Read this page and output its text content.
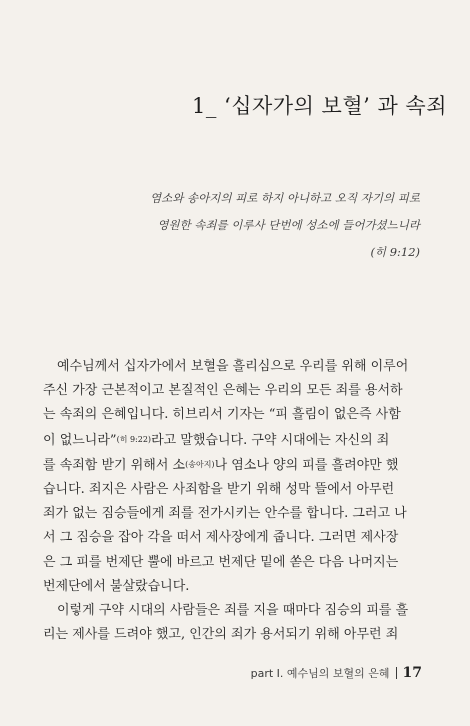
1_ ‘십자가의 보혈’ 과 속죄
염소와 송아지의 피로 하지 아니하고 오직 자기의 피로
영원한 속죄를 이루사 단번에 성소에 들어가셨느니라
(히 9:12)
예수님께서 십자가에서 보혈을 흘리심으로 우리를 위해 이루어
주신 가장 근본적이고 본질적인 은혜는 우리의 모든 죄를 용서하
는 속죄의 은혜입니다. 히브리서 기자는 “피 흘림이 없은즉 사함
이 없느니라”(히 9:22)라고 말했습니다. 구약 시대에는 자신의 죄
를 속죄함 받기 위해서 소(송아지)나 염소나 양의 피를 흘려야만 했
습니다. 죄지은 사람은 사죄함을 받기 위해 성막 뜰에서 아무런
죄가 없는 짐승들에게 죄를 전가시키는 안수를 합니다. 그러고 나
서 그 짐승을 잡아 각을 떠서 제사장에게 줍니다. 그러면 제사장
은 그 피를 번제단 뿔에 바르고 번제단 밑에 쏟은 다음 나머지는
번제단에서 불살랐습니다.
이렇게 구약 시대의 사람들은 죄를 지을 때마다 짐승의 피를 흘
리는 제사를 드려야 했고, 인간의 죄가 용서되기 위해 아무런 죄
part Ⅰ. 예수님의 보혈의 은혜 17
